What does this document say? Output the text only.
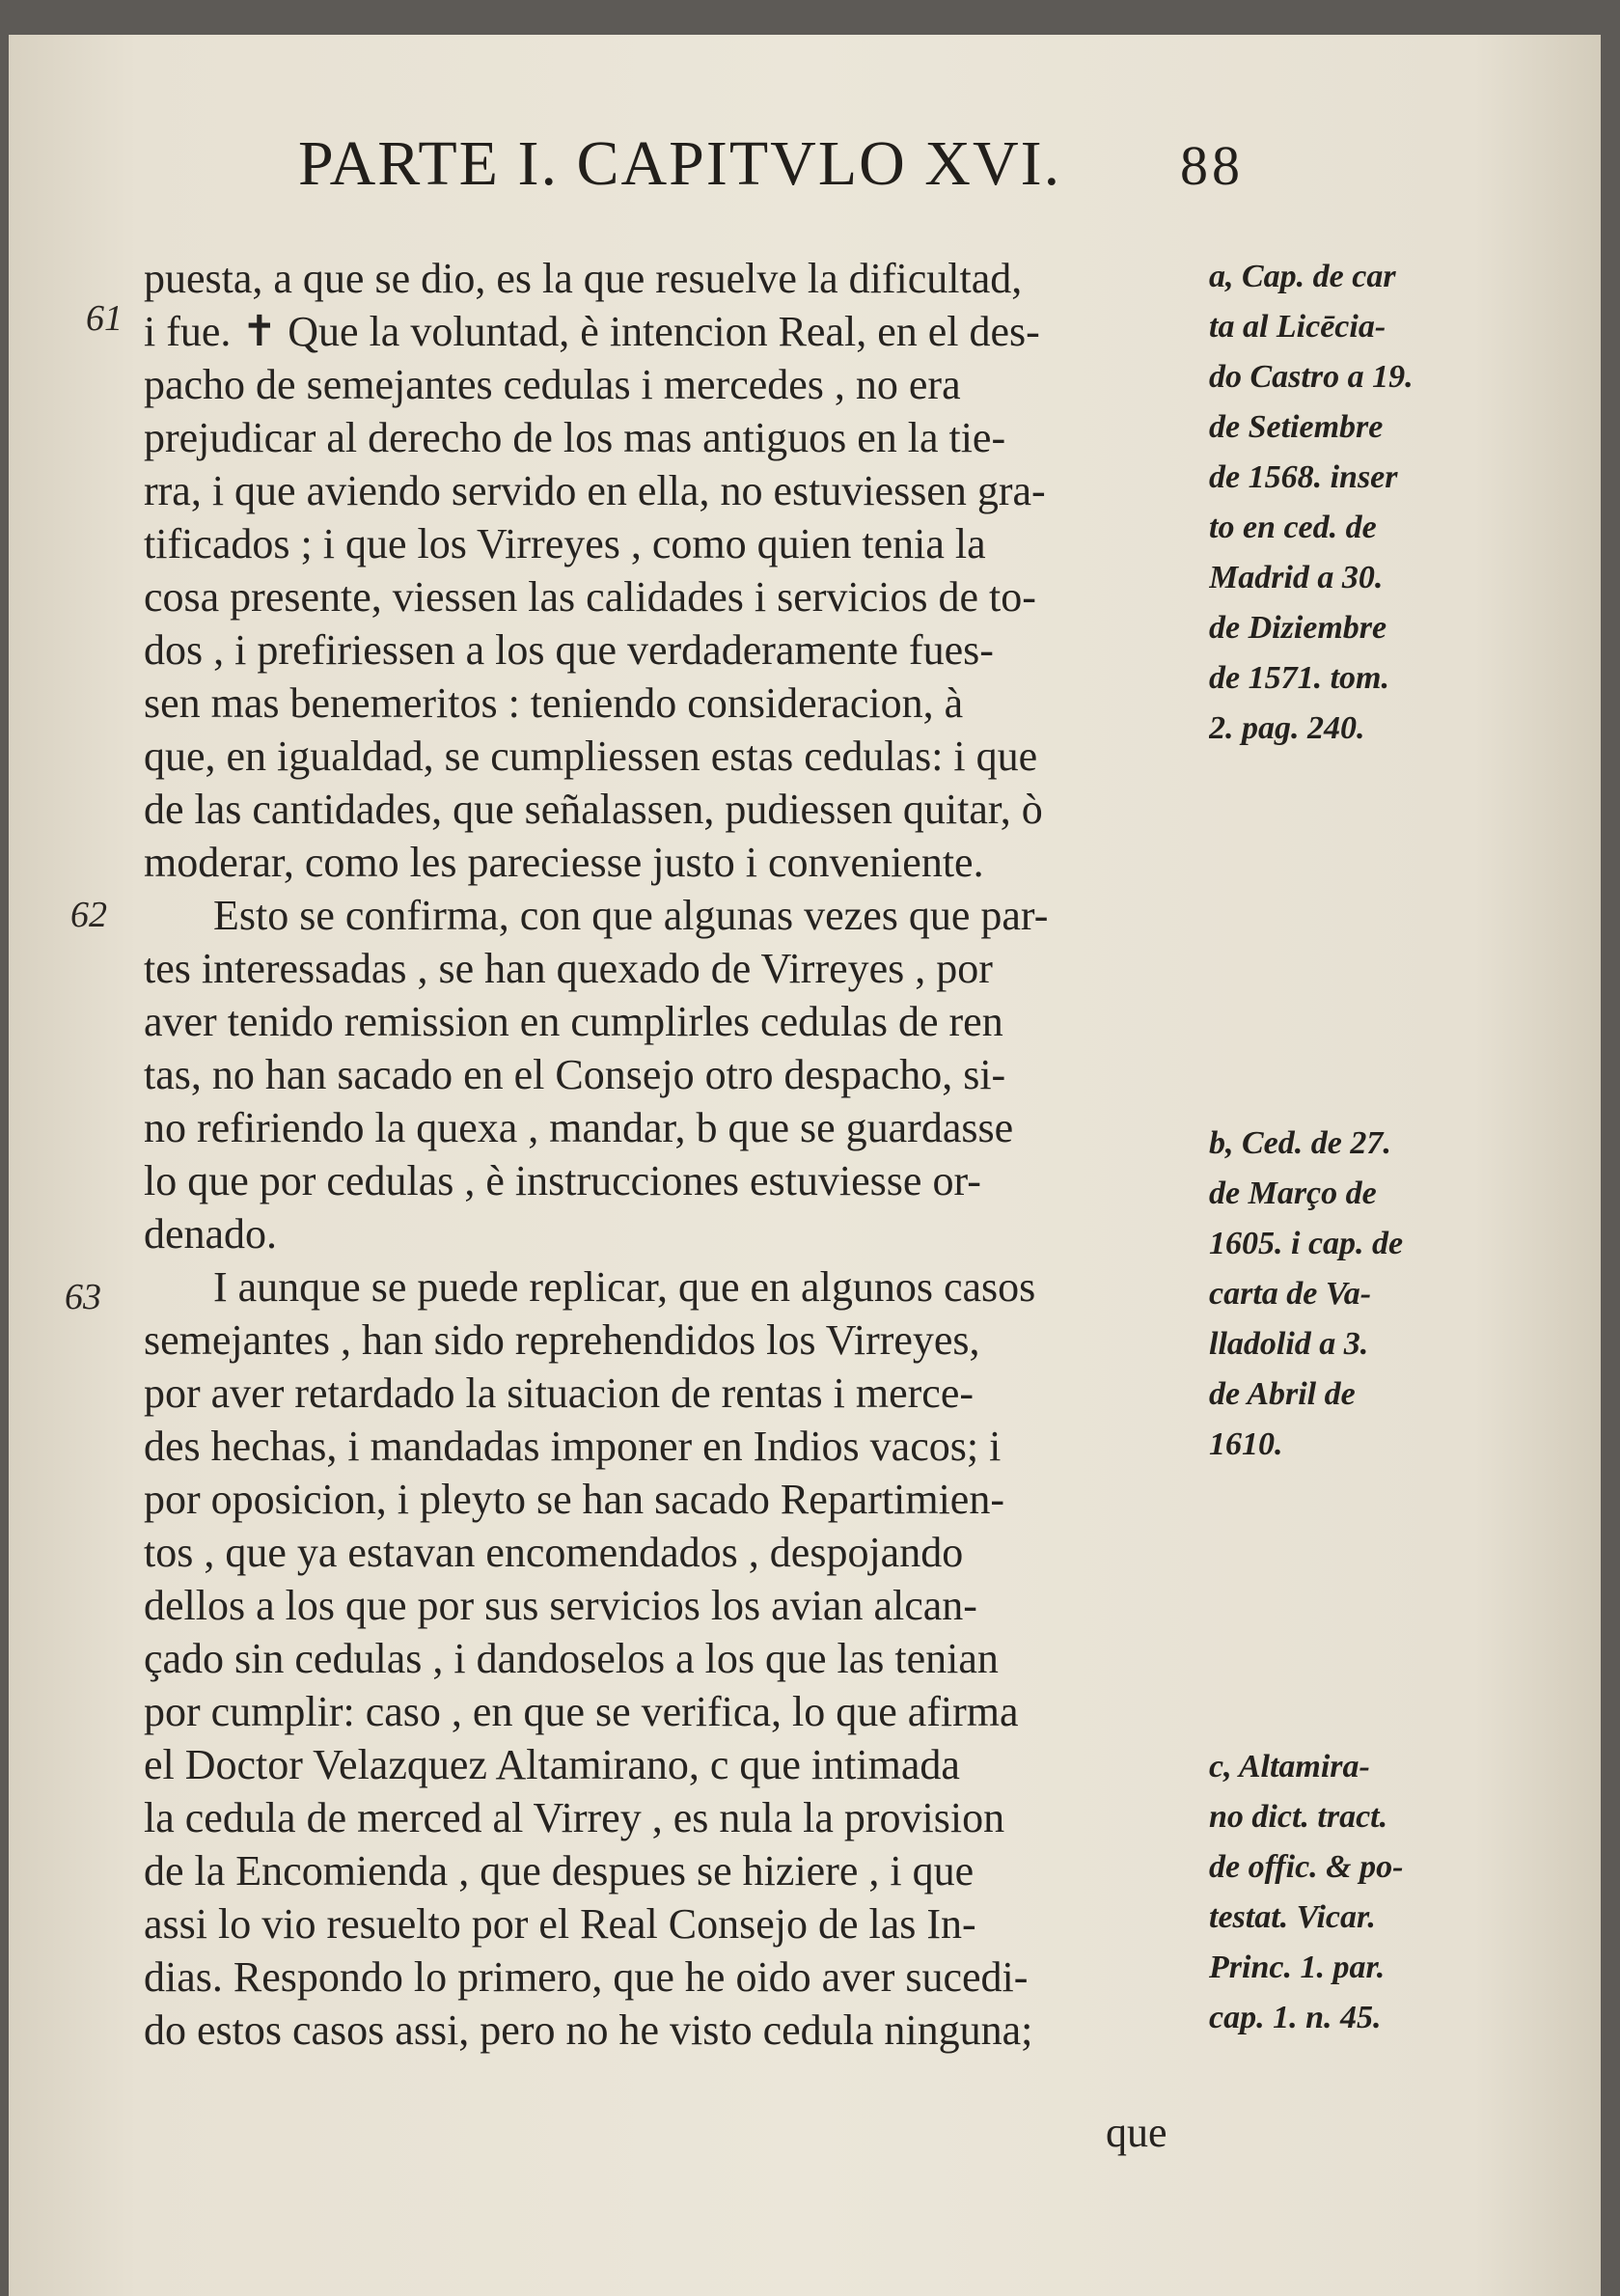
PARTE I. CAPITVLO XVI. 88
61
62
63
puesta, a que se dio, es la que resuelve la dificultad,
i fue. ✝ Que la voluntad, è intencion Real, en el des-
pacho de semejantes cedulas i mercedes , no era
prejudicar al derecho de los mas antiguos en la tie-
rra, i que aviendo servido en ella, no estuviessen gra-
tificados ; i que los Virreyes , como quien tenia la
cosa presente, viessen las calidades i servicios de to-
dos , i prefiriessen a los que verdaderamente fues-
sen mas benemeritos : teniendo consideracion, à
que, en igualdad, se cumpliessen estas cedulas: i que
de las cantidades, que señalassen, pudiessen quitar, ò
moderar, como les pareciesse justo i conveniente.
Esto se confirma, con que algunas vezes que par-
tes interessadas , se han quexado de Virreyes , por
aver tenido remission en cumplirles cedulas de ren
tas, no han sacado en el Consejo otro despacho, si-
no refiriendo la quexa , mandar, b que se guardasse
lo que por cedulas , è instrucciones estuviesse or-
denado.
I aunque se puede replicar, que en algunos casos
semejantes , han sido reprehendidos los Virreyes,
por aver retardado la situacion de rentas i merce-
des hechas, i mandadas imponer en Indios vacos; i
por oposicion, i pleyto se han sacado Repartimien-
tos , que ya estavan encomendados , despojando
dellos a los que por sus servicios los avian alcan-
çado sin cedulas , i dandoselos a los que las tenian
por cumplir: caso , en que se verifica, lo que afirma
el Doctor Velazquez Altamirano, c que intimada
la cedula de merced al Virrey , es nula la provision
de la Encomienda , que despues se hiziere , i que
assi lo vio resuelto por el Real Consejo de las In-
dias. Respondo lo primero, que he oido aver sucedi-
do estos casos assi, pero no he visto cedula ninguna;
que
a, Cap. de car
ta al Licēcia-
do Castro a 19.
de Setiembre
de 1568. inser
to en ced. de
Madrid a 30.
de Diziembre
de 1571. tom.
2. pag. 240.
b, Ced. de 27.
de Março de
1605. i cap. de
carta de Va-
lladolid a 3.
de Abril de
1610.
c, Altamira-
no dict. tract.
de offic. & po-
testat. Vicar.
Princ. 1. par.
cap. 1. n. 45.
